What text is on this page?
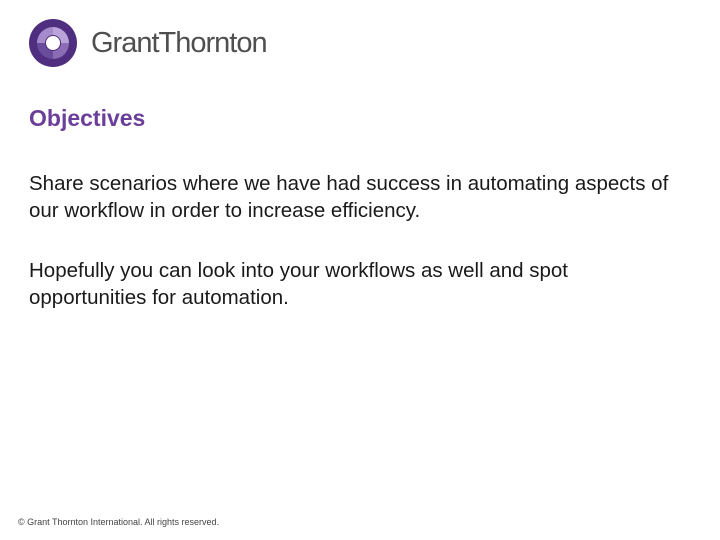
GrantThornton
Objectives

Share scenarios where we have had success in automating aspects of our workflow in order to increase efficiency.

Hopefully you can look into your workflows as well and spot opportunities for automation.

© Grant Thornton International. All rights reserved.
